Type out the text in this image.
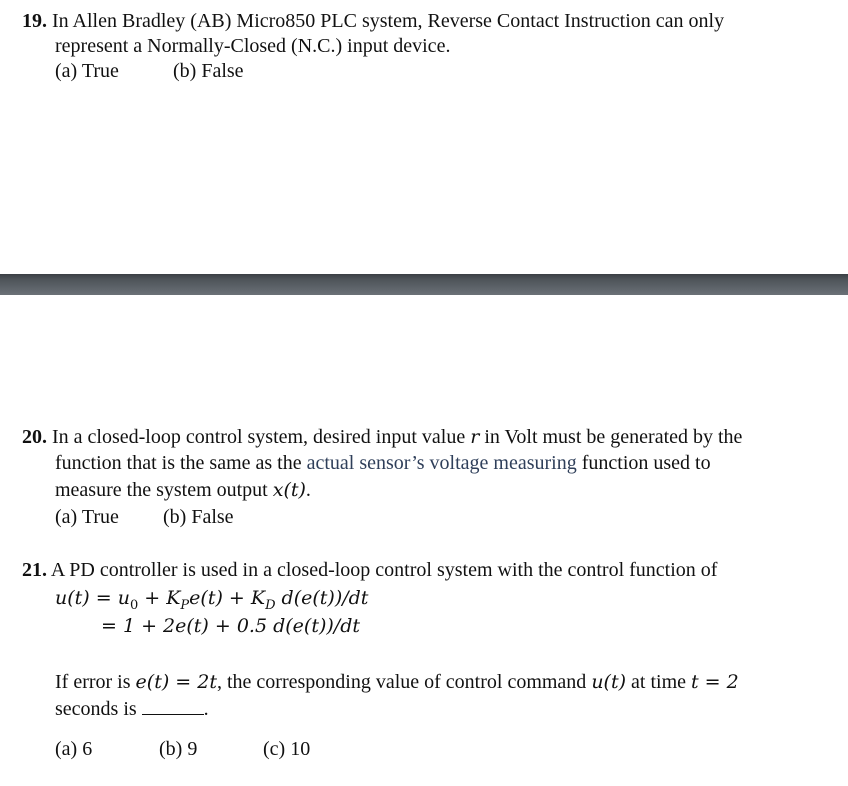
19. In Allen Bradley (AB) Micro850 PLC system, Reverse Contact Instruction can only
represent a Normally-Closed (N.C.) input device.
(a) True	(b) False
20. In a closed-loop control system, desired input value r in Volt must be generated by the
function that is the same as the actual sensor’s voltage measuring function used to
measure the system output x(t).
(a) True (b) False
21. A PD controller is used in a closed-loop control system with the control function of
$u(t) = u_0 + K_Pe(t) + K_D$ d(e(t))/dt
= 1 + 2e(t) + 0.5 d(e(t))/dt
If error is e(t) = 2t, the corresponding value of control command u(t) at time t = 2
seconds is	.
(a) 6	(b) 9	(c) 10
